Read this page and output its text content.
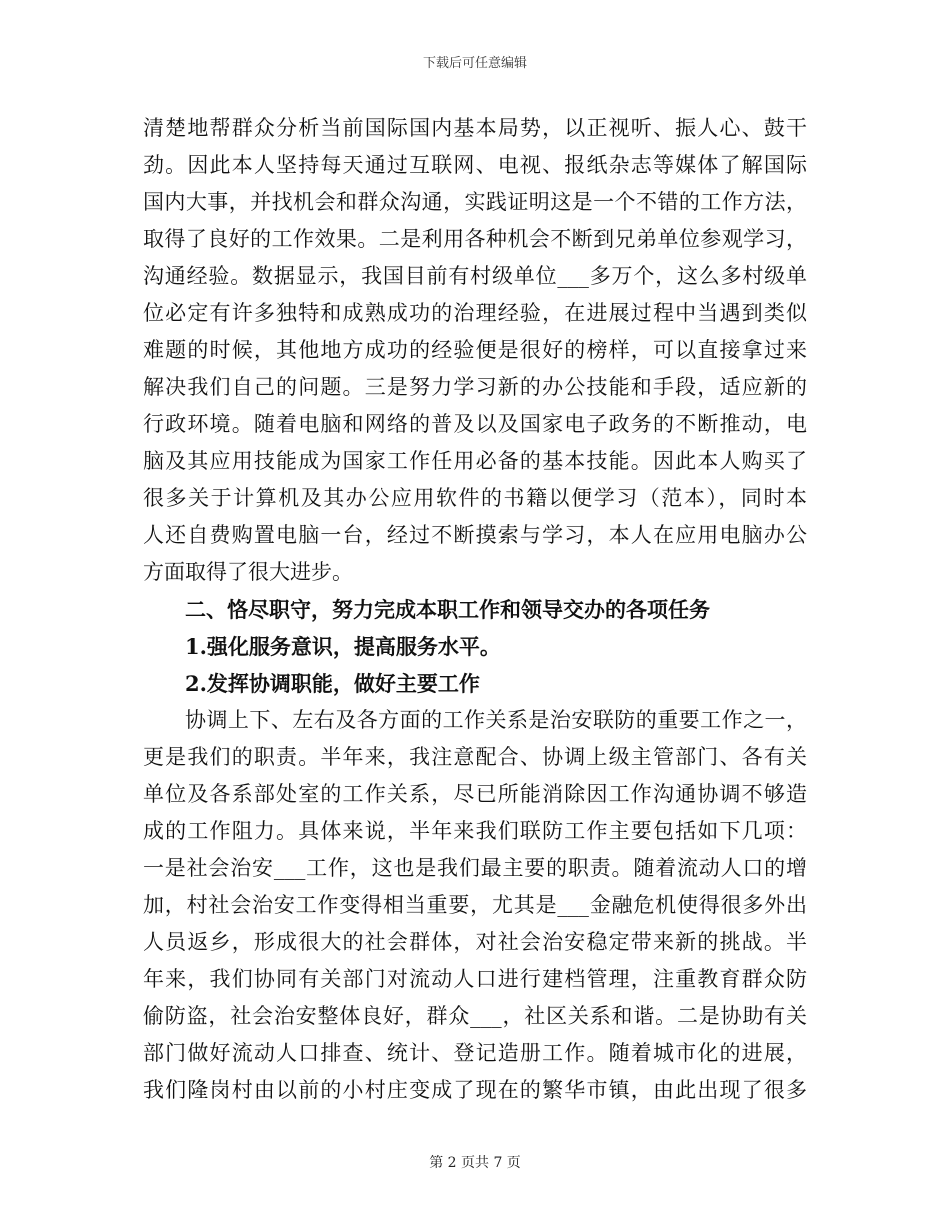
下载后可任意编辑
清楚地帮群众分析当前国际国内基本局势，以正视听、振人心、鼓干
劲。因此本人坚持每天通过互联网、电视、报纸杂志等媒体了解国际
国内大事，并找机会和群众沟通，实践证明这是一个不错的工作方法，
取得了良好的工作效果。二是利用各种机会不断到兄弟单位参观学习，
沟通经验。数据显示，我国目前有村级单位___多万个，这么多村级单
位必定有许多独特和成熟成功的治理经验，在进展过程中当遇到类似
难题的时候，其他地方成功的经验便是很好的榜样，可以直接拿过来
解决我们自己的问题。三是努力学习新的办公技能和手段，适应新的
行政环境。随着电脑和网络的普及以及国家电子政务的不断推动，电
脑及其应用技能成为国家工作任用必备的基本技能。因此本人购买了
很多关于计算机及其办公应用软件的书籍以便学习（范本），同时本
人还自费购置电脑一台，经过不断摸索与学习，本人在应用电脑办公
方面取得了很大进步。
二、恪尽职守，努力完成本职工作和领导交办的各项任务
1.强化服务意识，提高服务水平。
2.发挥协调职能，做好主要工作
协调上下、左右及各方面的工作关系是治安联防的重要工作之一，
更是我们的职责。半年来，我注意配合、协调上级主管部门、各有关
单位及各系部处室的工作关系，尽已所能消除因工作沟通协调不够造
成的工作阻力。具体来说，半年来我们联防工作主要包括如下几项：
一是社会治安___工作，这也是我们最主要的职责。随着流动人口的增
加，村社会治安工作变得相当重要，尤其是___金融危机使得很多外出
人员返乡，形成很大的社会群体，对社会治安稳定带来新的挑战。半
年来，我们协同有关部门对流动人口进行建档管理，注重教育群众防
偷防盗，社会治安整体良好，群众___，社区关系和谐。二是协助有关
部门做好流动人口排查、统计、登记造册工作。随着城市化的进展，
我们隆岗村由以前的小村庄变成了现在的繁华市镇，由此出现了很多
第 2 页共 7 页
